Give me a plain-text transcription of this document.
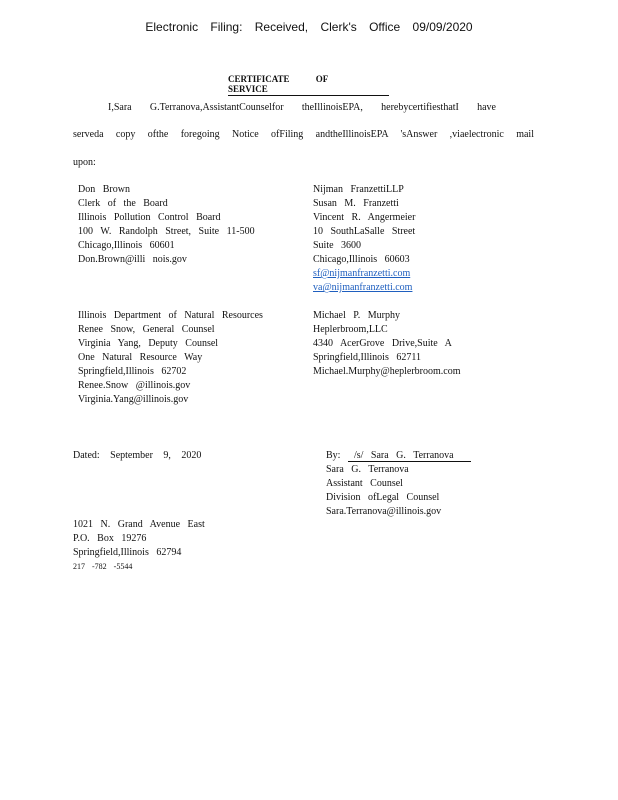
Electronic Filing: Received, Clerk's Office 09/09/2020
CERTIFICATE OF SERVICE
I,Sara G.Terranova,AssistantCounselfor theIllinoisEPA, herebycertifiesthatI have
serveda copy ofthe foregoing Notice ofFiling andtheIllinoisEPA 'sAnswer ,viaelectronic mail
upon:
Don Brown
Clerk of the Board
Illinois Pollution Control Board
100 W. Randolph Street, Suite 11-500
Chicago,Illinois 60601
Don.Brown@illi nois.gov
Nijman FranzettiLLP
Susan M. Franzetti
Vincent R. Angermeier
10 SouthLaSalle Street
Suite 3600
Chicago,Illinois 60603
sf@nijmanfranzetti.com
va@nijmanfranzetti.com
Illinois Department of Natural Resources
Renee Snow, General Counsel
Virginia Yang, Deputy Counsel
One Natural Resource Way
Springfield,Illinois 62702
Renee.Snow @illinois.gov
Virginia.Yang@illinois.gov
Michael P. Murphy
Heplerbroom,LLC
4340 AcerGrove Drive,Suite A
Springfield,Illinois 62711
Michael.Murphy@heplerbroom.com
Dated: September 9, 2020	By: /s/ Sara G. Terranova
Sara G. Terranova
Assistant Counsel
Division ofLegal Counsel
Sara.Terranova@illinois.gov
1021 N. Grand Avenue East
P.O. Box 19276
Springfield,Illinois 62794
217 -782 -5544
